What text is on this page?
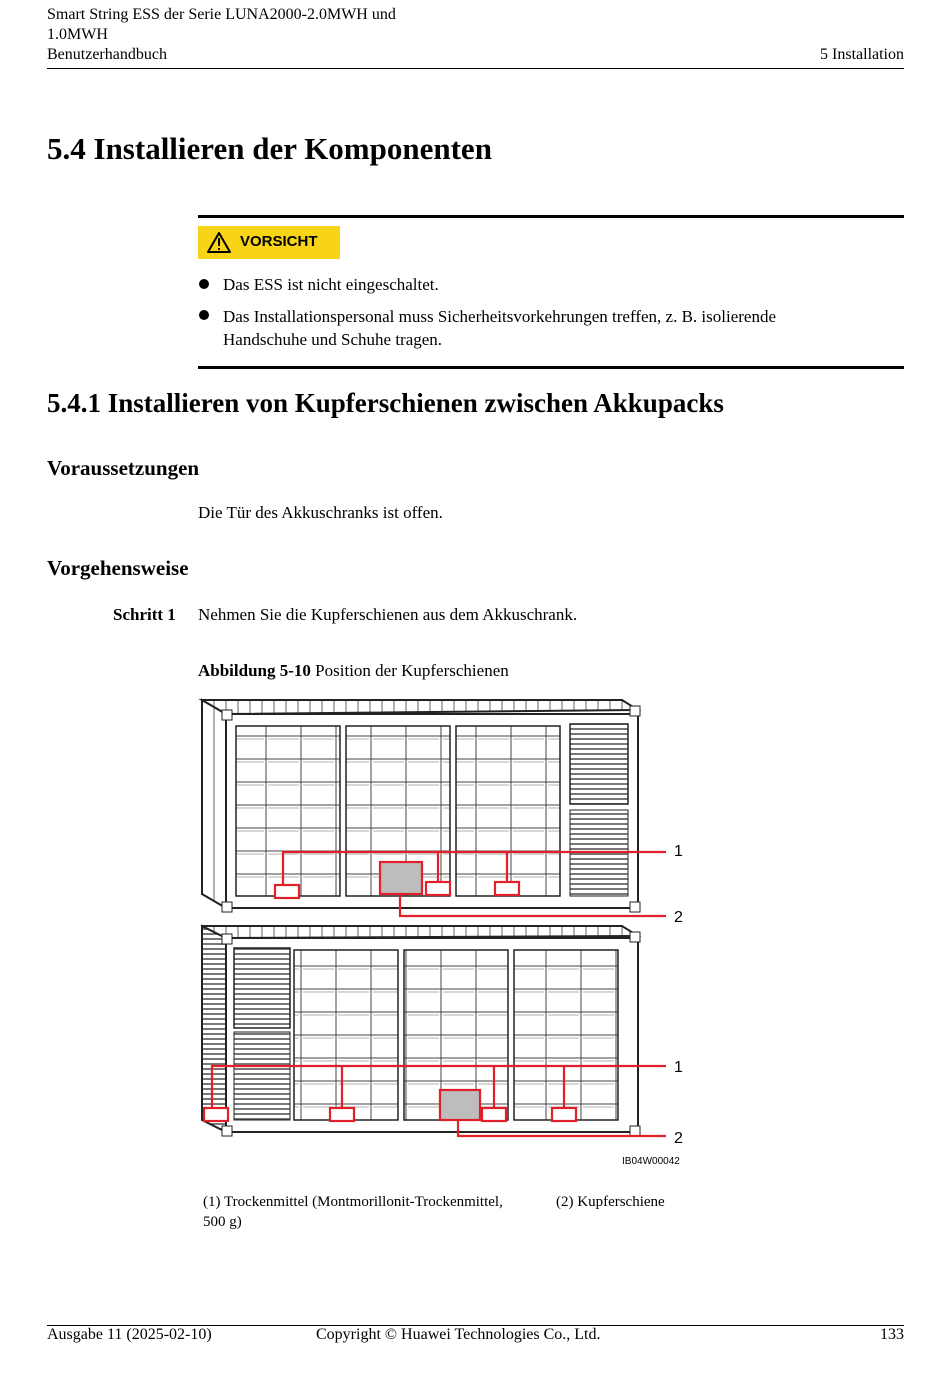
Smart String ESS der Serie LUNA2000-2.0MWH und
1.0MWH
Benutzerhandbuch	5 Installation
5.4 Installieren der Komponenten
VORSICHT
Das ESS ist nicht eingeschaltet.
Das Installationspersonal muss Sicherheitsvorkehrungen treffen, z. B. isolierende
Handschuhe und Schuhe tragen.
5.4.1 Installieren von Kupferschienen zwischen Akkupacks
Voraussetzungen
Die Tür des Akkuschranks ist offen.
Vorgehensweise
Schritt 1 Nehmen Sie die Kupferschienen aus dem Akkuschrank.
Abbildung 5-10 Position der Kupferschienen
1
2
1
2
IB04W00042
(1) Trockenmittel (Montmorillonit-Trockenmittel,
500 g)
(2) Kupferschiene
Ausgabe 11 (2025-02-10)	Copyright © Huawei Technologies Co., Ltd.	133
